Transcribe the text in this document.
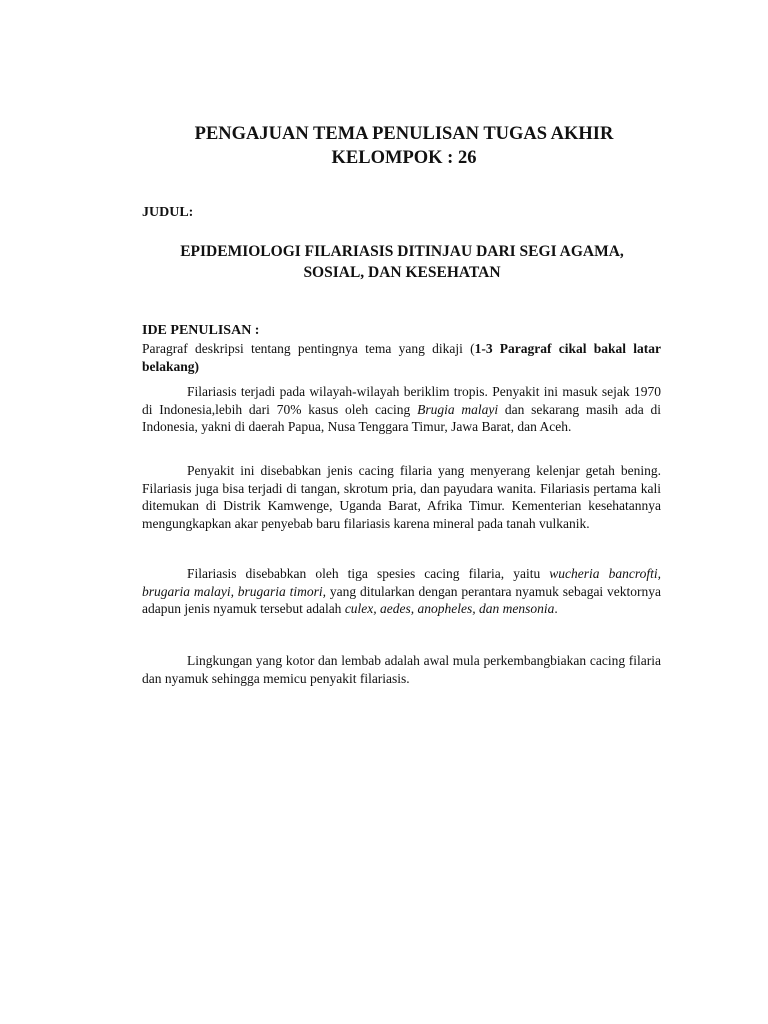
PENGAJUAN TEMA PENULISAN TUGAS AKHIR
KELOMPOK : 26
JUDUL:
EPIDEMIOLOGI FILARIASIS DITINJAU DARI SEGI AGAMA,
SOSIAL, DAN KESEHATAN
IDE PENULISAN :

Paragraf deskripsi tentang pentingnya tema yang dikaji (1-3 Paragraf cikal bakal latar belakang)

Filariasis terjadi pada wilayah-wilayah beriklim tropis. Penyakit ini masuk sejak 1970 di Indonesia,lebih dari 70% kasus oleh cacing Brugia malayi dan sekarang masih ada di Indonesia, yakni di daerah Papua, Nusa Tenggara Timur, Jawa Barat, dan Aceh.

Penyakit ini disebabkan jenis cacing filaria yang menyerang kelenjar getah bening. Filariasis juga bisa terjadi di tangan, skrotum pria, dan payudara wanita. Filariasis pertama kali ditemukan di Distrik Kamwenge, Uganda Barat, Afrika Timur. Kementerian kesehatannya mengungkapkan akar penyebab baru filariasis karena mineral pada tanah vulkanik.

Filariasis disebabkan oleh tiga spesies cacing filaria, yaitu wucheria bancrofti, brugaria malayi, brugaria timori, yang ditularkan dengan perantara nyamuk sebagai vektornya adapun jenis nyamuk tersebut adalah culex, aedes, anopheles, dan mensonia.

Lingkungan yang kotor dan lembab adalah awal mula perkembangbiakan cacing filaria dan nyamuk sehingga memicu penyakit filariasis.
